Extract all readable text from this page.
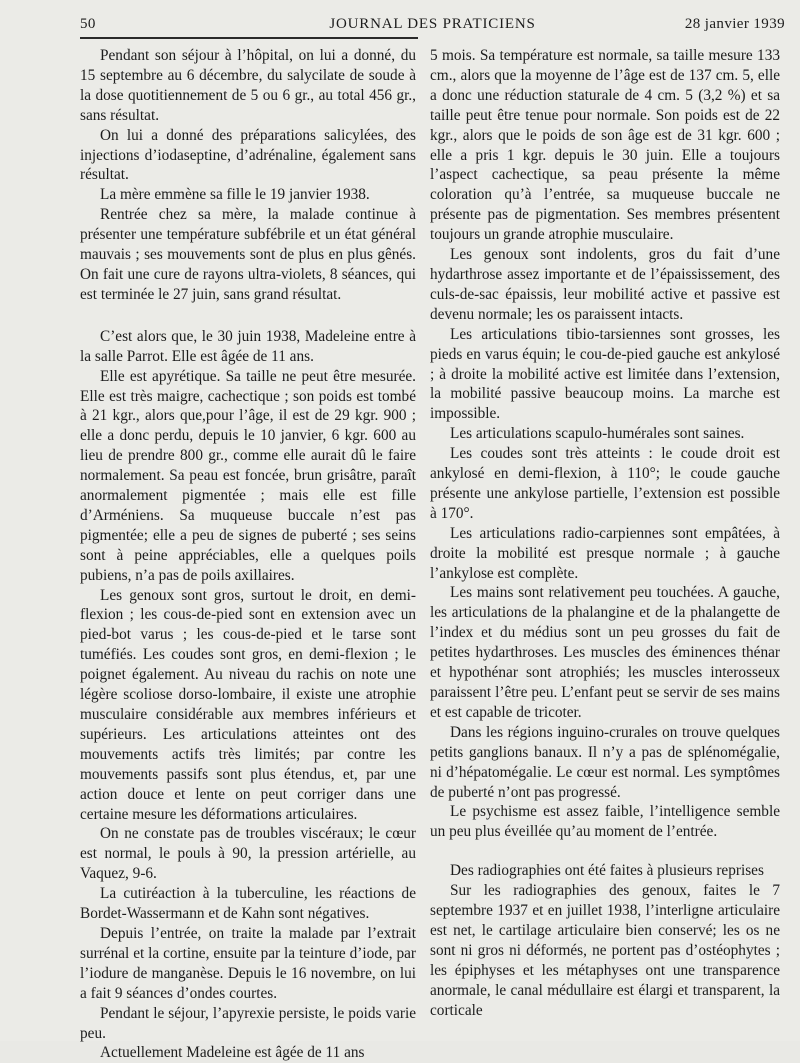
50	JOURNAL DES PRATICIENS	28 janvier 1939

Pendant son séjour à l’hôpital, on lui a donné, du 15 septembre au 6 décembre, du salycilate de soude à la dose quotitiennement de 5 ou 6 gr., au total 456 gr., sans résultat.

On lui a donné des préparations salicylées, des injections d’iodaseptine, d’adrénaline, également sans résultat.

La mère emmène sa fille le 19 janvier 1938.

Rentrée chez sa mère, la malade continue à présenter une température subfébrile et un état général mauvais ; ses mouvements sont de plus en plus gênés. On fait une cure de rayons ultra-violets, 8 séances, qui est terminée le 27 juin, sans grand résultat.

C’est alors que, le 30 juin 1938, Madeleine entre à la salle Parrot. Elle est âgée de 11 ans.

Elle est apyrétique. Sa taille ne peut être mesurée. Elle est très maigre, cachectique ; son poids est tombé à 21 kgr., alors que,pour l’âge, il est de 29 kgr. 900 ; elle a donc perdu, depuis le 10 janvier, 6 kgr. 600 au lieu de prendre 800 gr., comme elle aurait dû le faire normalement. Sa peau est foncée, brun grisâtre, paraît anormalement pigmentée ; mais elle est fille d’Arméniens. Sa muqueuse buccale n’est pas pigmentée; elle a peu de signes de puberté ; ses seins sont à peine appréciables, elle a quelques poils pubiens, n’a pas de poils axillaires.

Les genoux sont gros, surtout le droit, en demi-flexion ; les cous-de-pied sont en extension avec un pied-bot varus ; les cous-de-pied et le tarse sont tuméfiés. Les coudes sont gros, en demi-flexion ; le poignet également. Au niveau du rachis on note une légère scoliose dorso-lombaire, il existe une atrophie musculaire considérable aux membres inférieurs et supérieurs. Les articulations atteintes ont des mouvements actifs très limités; par contre les mouvements passifs sont plus étendus, et, par une action douce et lente on peut corriger dans une certaine mesure les déformations articulaires.

On ne constate pas de troubles viscéraux; le cœur est normal, le pouls à 90, la pression artérielle, au Vaquez, 9-6.

La cutiréaction à la tuberculine, les réactions de Bordet-Wassermann et de Kahn sont négatives.

Depuis l’entrée, on traite la malade par l’extrait surrénal et la cortine, ensuite par la teinture d’iode, par l’iodure de manganèse. Depuis le 16 novembre, on lui a fait 9 séances d’ondes courtes.

Pendant le séjour, l’apyrexie persiste, le poids varie peu.

Actuellement Madeleine est âgée de 11 ans

5 mois. Sa température est normale, sa taille mesure 133 cm., alors que la moyenne de l’âge est de 137 cm. 5, elle a donc une réduction staturale de 4 cm. 5 (3,2 %) et sa taille peut être tenue pour normale. Son poids est de 22 kgr., alors que le poids de son âge est de 31 kgr. 600 ; elle a pris 1 kgr. depuis le 30 juin. Elle a toujours l’aspect cachectique, sa peau présente la même coloration qu’à l’entrée, sa muqueuse buccale ne présente pas de pigmentation. Ses membres présentent toujours un grande atrophie musculaire.

Les genoux sont indolents, gros du fait d’une hydarthrose assez importante et de l’épaississement, des culs-de-sac épaissis, leur mobilité active et passive est devenu normale; les os paraissent intacts.

Les articulations tibio-tarsiennes sont grosses, les pieds en varus équin; le cou-de-pied gauche est ankylosé ; à droite la mobilité active est limitée dans l’extension, la mobilité passive beaucoup moins. La marche est impossible.

Les articulations scapulo-humérales sont saines.

Les coudes sont très atteints : le coude droit est ankylosé en demi-flexion, à 110°; le coude gauche présente une ankylose partielle, l’extension est possible à 170°.

Les articulations radio-carpiennes sont empâtées, à droite la mobilité est presque normale ; à gauche l’ankylose est complète.

Les mains sont relativement peu touchées. A gauche, les articulations de la phalangine et de la phalangette de l’index et du médius sont un peu grosses du fait de petites hydarthroses. Les muscles des éminences thénar et hypothénar sont atrophiés; les muscles interosseux paraissent l’être peu. L’enfant peut se servir de ses mains et est capable de tricoter.

Dans les régions inguino-crurales on trouve quelques petits ganglions banaux. Il n’y a pas de splénomégalie, ni d’hépatomégalie. Le cœur est normal. Les symptômes de puberté n’ont pas progressé.

Le psychisme est assez faible, l’intelligence semble un peu plus éveillée qu’au moment de l’entrée.

Des radiographies ont été faites à plusieurs reprises

Sur les radiographies des genoux, faites le 7 septembre 1937 et en juillet 1938, l’interligne articulaire est net, le cartilage articulaire bien conservé; les os ne sont ni gros ni déformés, ne portent pas d’ostéophytes ; les épiphyses et les métaphyses ont une transparence anormale, le canal médullaire est élargi et transparent, la corticale
